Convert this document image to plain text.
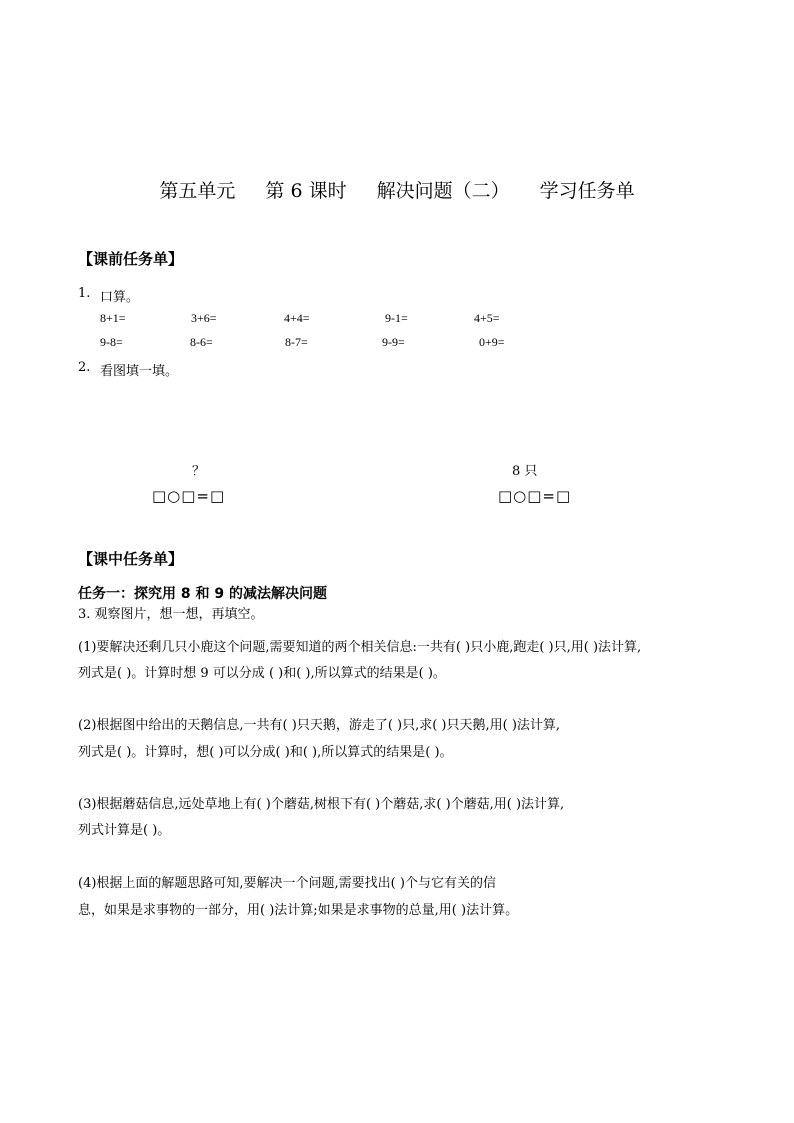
第五单元 第 6 课时 解决问题（二） 学习任务单
【课前任务单】
1. 口算。
8+1=	3+6=	4+4=	9-1=	4+5=
9-8=	8-6=	8-7=	9-9=	0+9=
2. 看图填一填。
？
□○□=□
8 只
□○□=□
【课中任务单】
任务一：探究用 8 和 9 的减法解决问题
3. 观察图片，想一想，再填空。
(1)要解决还剩几只小鹿这个问题,需要知道的两个相关信息:一共有( )只小鹿,跑走( )只,用( )法计算,
列式是( )。计算时想 9 可以分成 ( )和( ),所以算式的结果是( )。
(2)根据图中给出的天鹅信息,一共有( )只天鹅，游走了( )只,求( )只天鹅,用( )法计算,
列式是( )。计算时，想( )可以分成( )和( ),所以算式的结果是( )。
(3)根据蘑菇信息,远处草地上有( )个蘑菇,树根下有( )个蘑菇,求( )个蘑菇,用( )法计算,
列式计算是( )。
(4)根据上面的解题思路可知,要解决一个问题,需要找出( )个与它有关的信
息，如果是求事物的一部分，用( )法计算;如果是求事物的总量,用( )法计算。
